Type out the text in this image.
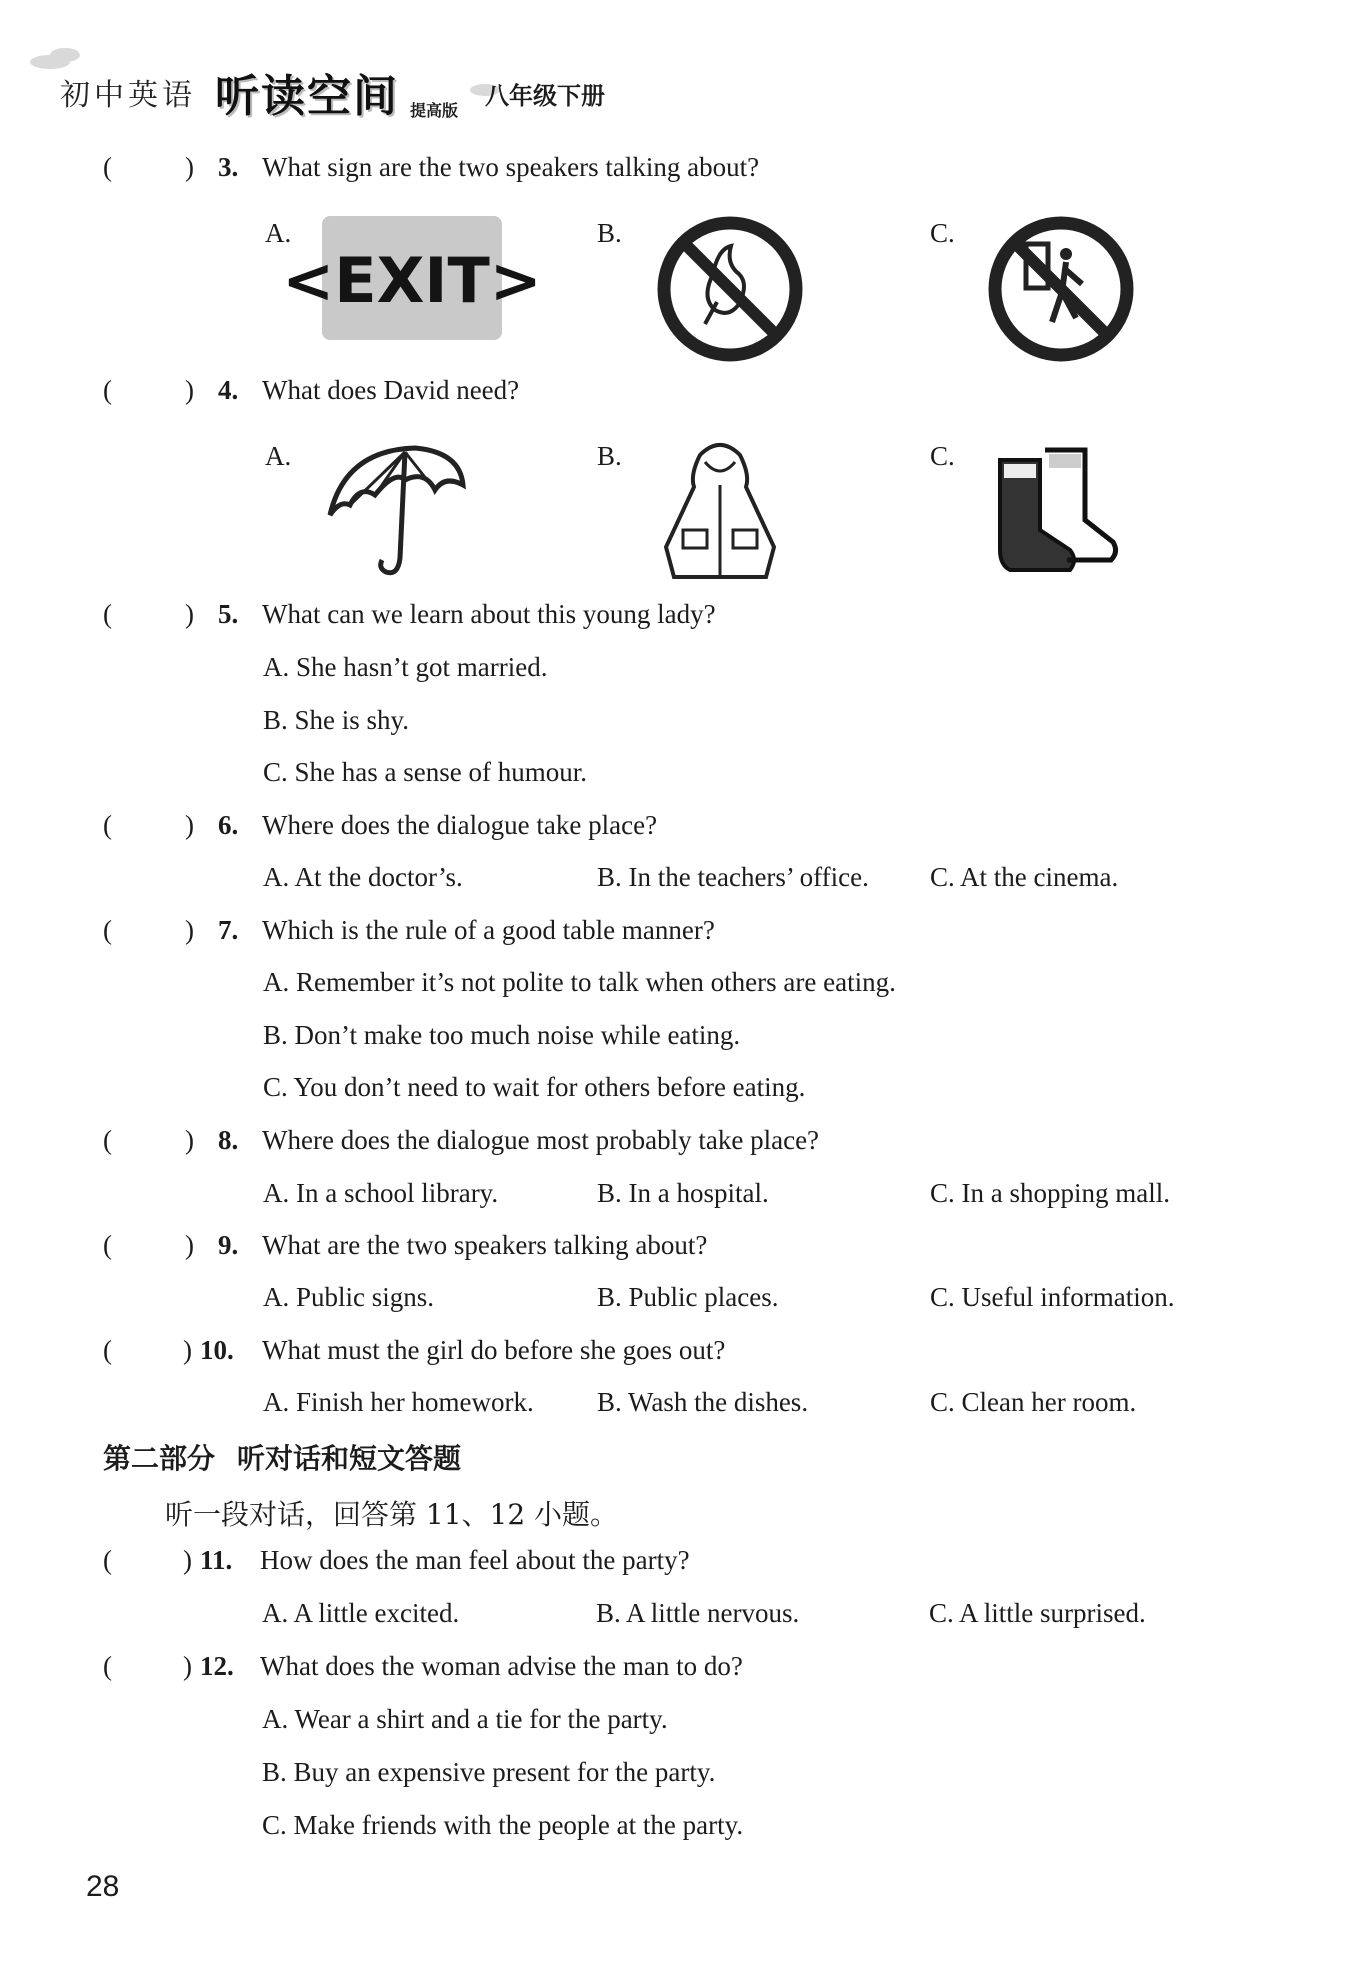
初中英语 听读空间 提高版
八年级下册
(	) 3. What sign are the two speakers talking about?
A.	B.	C.
<EXIT>
(	) 4. What does David need?
A.	B.	C.
(	) 5. What can we learn about this young lady?
A. She hasn’t got married.
B. She is shy.
C. She has a sense of humour.
(	) 6. Where does the dialogue take place?
A. At the doctor’s.	B. In the teachers’ office. C. At the cinema.
(	) 7. Which is the rule of a good table manner?
A. Remember it’s not polite to talk when others are eating.
B. Don’t make too much noise while eating.
C. You don’t need to wait for others before eating.
(	) 8. Where does the dialogue most probably take place?
A. In a school library.	B. In a hospital.	C. In a shopping mall.
(	) 9. What are the two speakers talking about?
A. Public signs.	B. Public places.	C. Useful information.
(	) 10. What must the girl do before she goes out?
A. Finish her homework. B. Wash the dishes.	C. Clean her room.
第二部分 听对话和短文答题
听一段对话，回答第 11、12 小题。
(	) 11. How does the man feel about the party?
A. A little excited.	B. A little nervous.	C. A little surprised.
(	) 12. What does the woman advise the man to do?
A. Wear a shirt and a tie for the party.
B. Buy an expensive present for the party.
C. Make friends with the people at the party.
28
